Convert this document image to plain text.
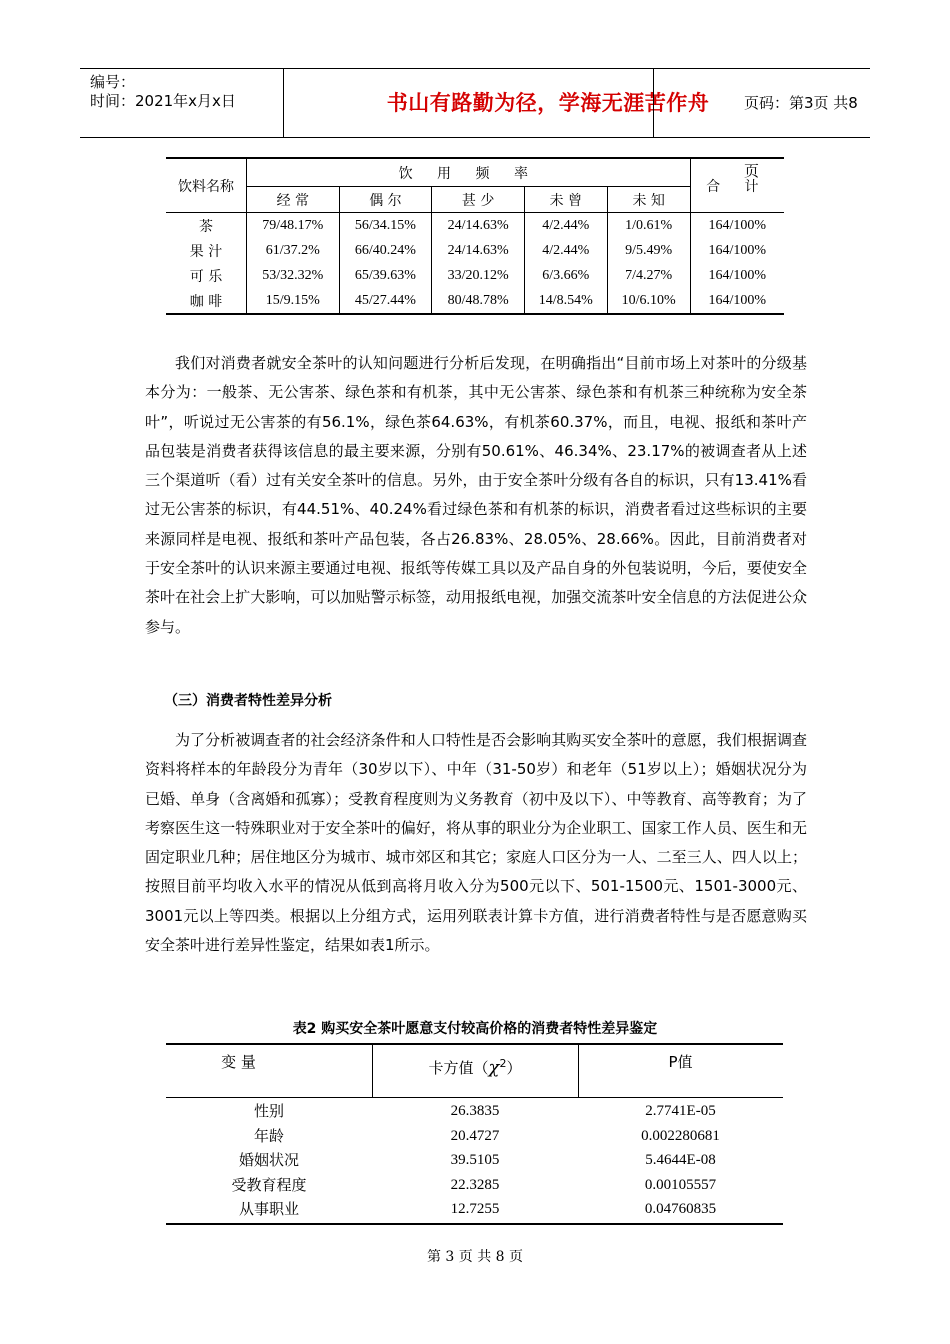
编号：
时间：2021年x月x日	书山有路勤为径，学海无涯苦作舟	页码：第3页 共8页
饮料名称	饮 用 频 率					合 计
	经 常	偶 尔	甚 少	未 曾	未 知	
茶	79/48.17%	56/34.15%	24/14.63%	4/2.44%	1/0.61%	164/100%
果 汁	61/37.2%	66/40.24%	24/14.63%	4/2.44%	9/5.49%	164/100%
可 乐	53/32.32%	65/39.63%	33/20.12%	6/3.66%	7/4.27%	164/100%
咖 啡	15/9.15%	45/27.44%	80/48.78%	14/8.54%	10/6.10%	164/100%

我们对消费者就安全茶叶的认知问题进行分析后发现，在明确指出“目前市场上对茶叶的分级基本分为：一般茶、无公害茶、绿色茶和有机茶，其中无公害茶、绿色茶和有机茶三种统称为安全茶叶”，听说过无公害茶的有56.1%，绿色茶64.63%，有机茶60.37%，而且，电视、报纸和茶叶产品包装是消费者获得该信息的最主要来源，分别有50.61%、46.34%、23.17%的被调查者从上述三个渠道听（看）过有关安全茶叶的信息。另外，由于安全茶叶分级有各自的标识，只有13.41%看过无公害茶的标识，有44.51%、40.24%看过绿色茶和有机茶的标识，消费者看过这些标识的主要来源同样是电视、报纸和茶叶产品包装，各占26.83%、28.05%、28.66%。因此，目前消费者对于安全茶叶的认识来源主要通过电视、报纸等传媒工具以及产品自身的外包装说明，今后，要使安全茶叶在社会上扩大影响，可以加贴警示标签，动用报纸电视，加强交流茶叶安全信息的方法促进公众参与。

（三）消费者特性差异分析

为了分析被调查者的社会经济条件和人口特性是否会影响其购买安全茶叶的意愿，我们根据调查资料将样本的年龄段分为青年（30岁以下）、中年（31-50岁）和老年（51岁以上）；婚姻状况分为已婚、单身（含离婚和孤寡）；受教育程度则为义务教育（初中及以下）、中等教育、高等教育；为了考察医生这一特殊职业对于安全茶叶的偏好，将从事的职业分为企业职工、国家工作人员、医生和无固定职业几种；居住地区分为城市、城市郊区和其它；家庭人口区分为一人、二至三人、四人以上；按照目前平均收入水平的情况从低到高将月收入分为500元以下、501-1500元、1501-3000元、3001元以上等四类。根据以上分组方式，运用列联表计算卡方值，进行消费者特性与是否愿意购买安全茶叶进行差异性鉴定，结果如表1所示。

表2 购买安全茶叶愿意支付较高价格的消费者特性差异鉴定
变 量	卡方值$(\chi^2)$	P值
性别	26.3835	2.7741E-05
年龄	20.4727	0.002280681
婚姻状况	39.5105	5.4644E-08
受教育程度	22.3285	0.00105557
从事职业	12.7255	0.04760835
第 3 页 共 8 页
